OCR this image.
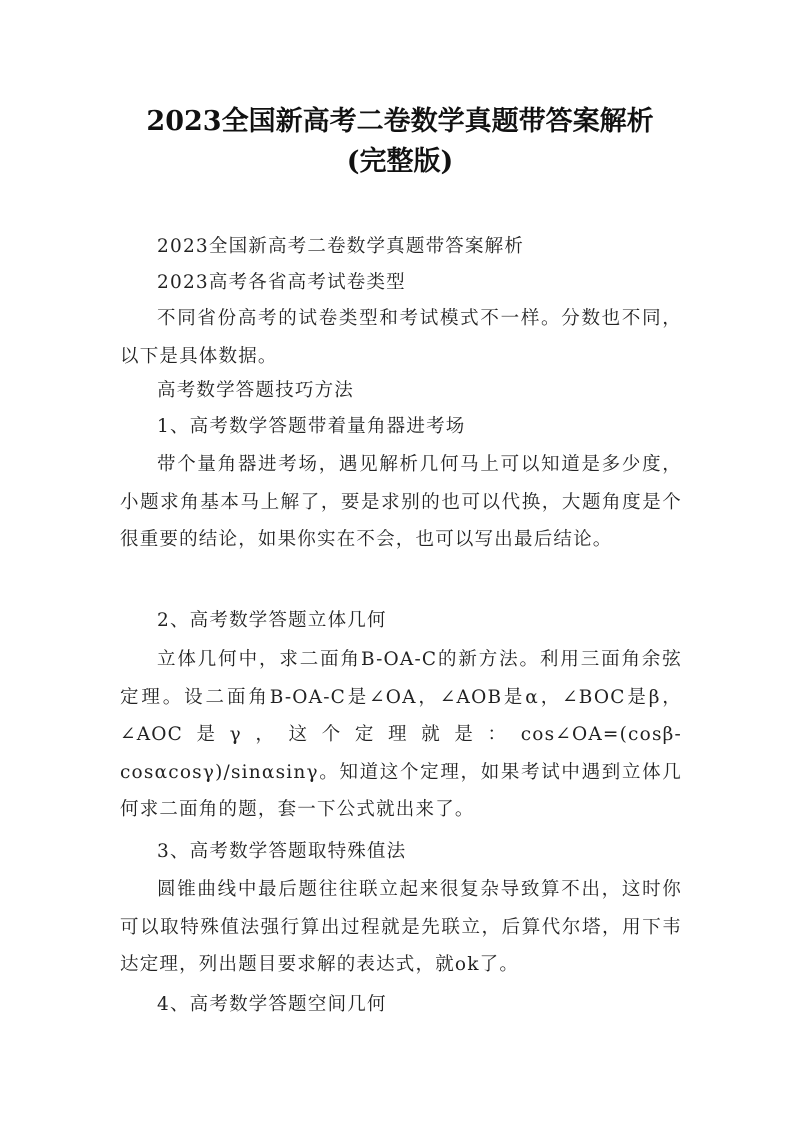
2023全国新高考二卷数学真题带答案解析
(完整版)

2023全国新高考二卷数学真题带答案解析

2023高考各省高考试卷类型

不同省份高考的试卷类型和考试模式不一样。分数也不同，以下是具体数据。

高考数学答题技巧方法

1、高考数学答题带着量角器进考场

带个量角器进考场，遇见解析几何马上可以知道是多少度，小题求角基本马上解了，要是求别的也可以代换，大题角度是个很重要的结论，如果你实在不会，也可以写出最后结论。

2、高考数学答题立体几何

立体几何中，求二面角B-OA-C的新方法。利用三面角余弦定理。设二面角B-OA-C是∠OA，∠AOB是α，∠BOC是β，∠AOC是γ，这个定理就是：cos∠OA=(cosβ-cosαcosγ)/sinαsinγ。知道这个定理，如果考试中遇到立体几何求二面角的题，套一下公式就出来了。

3、高考数学答题取特殊值法

圆锥曲线中最后题往往联立起来很复杂导致算不出，这时你可以取特殊值法强行算出过程就是先联立，后算代尔塔，用下韦达定理，列出题目要求解的表达式，就ok了。

4、高考数学答题空间几何
